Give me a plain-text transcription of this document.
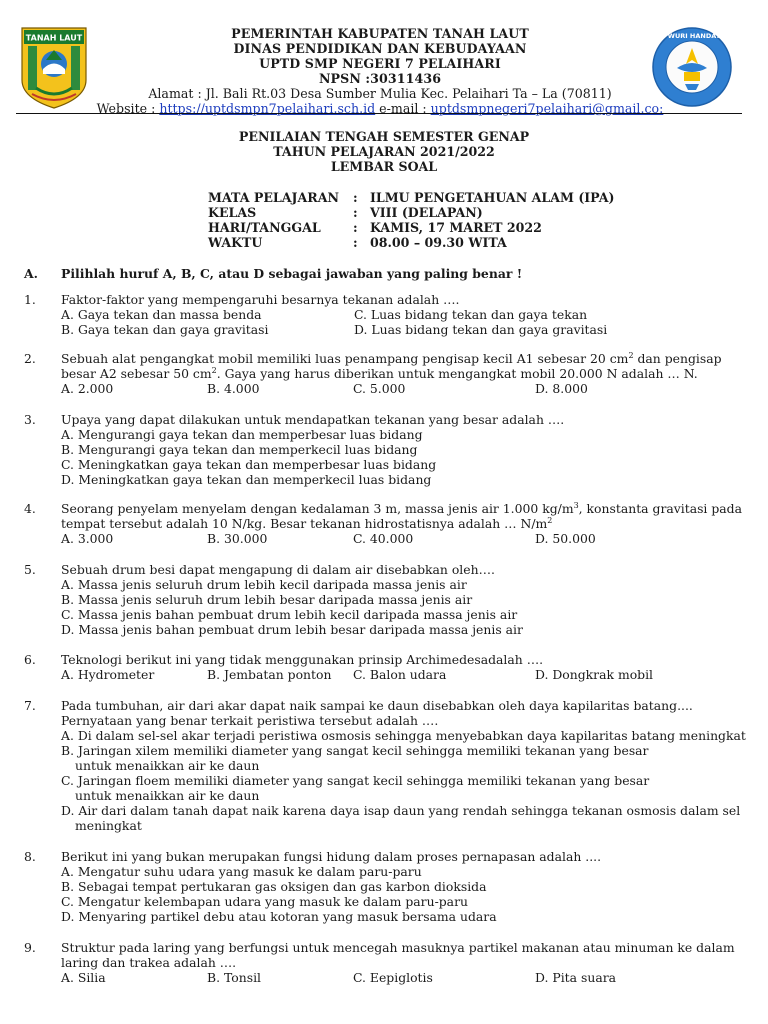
TANAH LAUT	TUT WURI HANDAYANI
PEMERINTAH KABUPATEN TANAH LAUT
DINAS PENDIDIKAN DAN KEBUDAYAAN
UPTD SMP NEGERI 7 PELAIHARI
NPSN :30311436
Alamat : Jl. Bali Rt.03 Desa Sumber Mulia Kec. Pelaihari Ta – La (70811)
Website : https://uptdsmpn7pelaihari.sch.id e-mail : uptdsmpnegeri7pelaihari@gmail.co:
PENILAIAN TENGAH SEMESTER GENAP
TAHUN PELAJARAN 2021/2022
LEMBAR SOAL
MATA PELAJARAN	: ILMU PENGETAHUAN ALAM (IPA)
KELAS	: VIII (DELAPAN)
HARI/TANGGAL	: KAMIS, 17 MARET 2022
WAKTU	: 08.00 – 09.30 WITA
A. Pilihlah huruf A, B, C, atau D sebagai jawaban yang paling benar !
1. Faktor-faktor yang mempengaruhi besarnya tekanan adalah ….
A. Gaya tekan dan massa benda	C. Luas bidang tekan dan gaya tekan
B. Gaya tekan dan gaya gravitasi	D. Luas bidang tekan dan gaya gravitasi
2. Sebuah alat pengangkat mobil memiliki luas penampang pengisap kecil A1 sebesar 20 $cm^2$ dan pengisap
besar A2 sebesar 50 $cm^2$. Gaya yang harus diberikan untuk mengangkat mobil 20.000 N adalah … N.
A. 2.000	B. 4.000	C. 5.000	D. 8.000
3. Upaya yang dapat dilakukan untuk mendapatkan tekanan yang besar adalah ….
A. Mengurangi gaya tekan dan memperbesar luas bidang
B. Mengurangi gaya tekan dan memperkecil luas bidang
C. Meningkatkan gaya tekan dan memperbesar luas bidang
D. Meningkatkan gaya tekan dan memperkecil luas bidang
4. Seorang penyelam menyelam dengan kedalaman 3 m, massa jenis air 1.000 $kg/m^3$, konstanta gravitasi pada
tempat tersebut adalah 10 N/kg. Besar tekanan hidrostatisnya adalah … $N/m^2$
A. 3.000	B. 30.000	C. 40.000	D. 50.000
5. Sebuah drum besi dapat mengapung di dalam air disebabkan oleh….
A. Massa jenis seluruh drum lebih kecil daripada massa jenis air
B. Massa jenis seluruh drum lebih besar daripada massa jenis air
C. Massa jenis bahan pembuat drum lebih kecil daripada massa jenis air
D. Massa jenis bahan pembuat drum lebih besar daripada massa jenis air
6. Teknologi berikut ini yang tidak menggunakan prinsip Archimedesadalah ….
A. Hydrometer	B. Jembatan ponton	C. Balon udara	D. Dongkrak mobil
7. Pada tumbuhan, air dari akar dapat naik sampai ke daun disebabkan oleh daya kapilaritas batang....
Pernyataan yang benar terkait peristiwa tersebut adalah ….
A. Di dalam sel-sel akar terjadi peristiwa osmosis sehingga menyebabkan daya kapilaritas batang meningkat
B. Jaringan xilem memiliki diameter yang sangat kecil sehingga memiliki tekanan yang besar untuk menaikkan air ke daun
C. Jaringan floem memiliki diameter yang sangat kecil sehingga memiliki tekanan yang besar untuk menaikkan air ke daun
D. Air dari dalam tanah dapat naik karena daya isap daun yang rendah sehingga tekanan osmosis dalam sel meningkat
8. Berikut ini yang bukan merupakan fungsi hidung dalam proses pernapasan adalah ....
A. Mengatur suhu udara yang masuk ke dalam paru-paru
B. Sebagai tempat pertukaran gas oksigen dan gas karbon dioksida
C. Mengatur kelembapan udara yang masuk ke dalam paru-paru
D. Menyaring partikel debu atau kotoran yang masuk bersama udara
9. Struktur pada laring yang berfungsi untuk mencegah masuknya partikel makanan atau minuman ke dalam
laring dan trakea adalah ….
A. Silia	B. Tonsil	C. Eepiglotis	D. Pita suara
